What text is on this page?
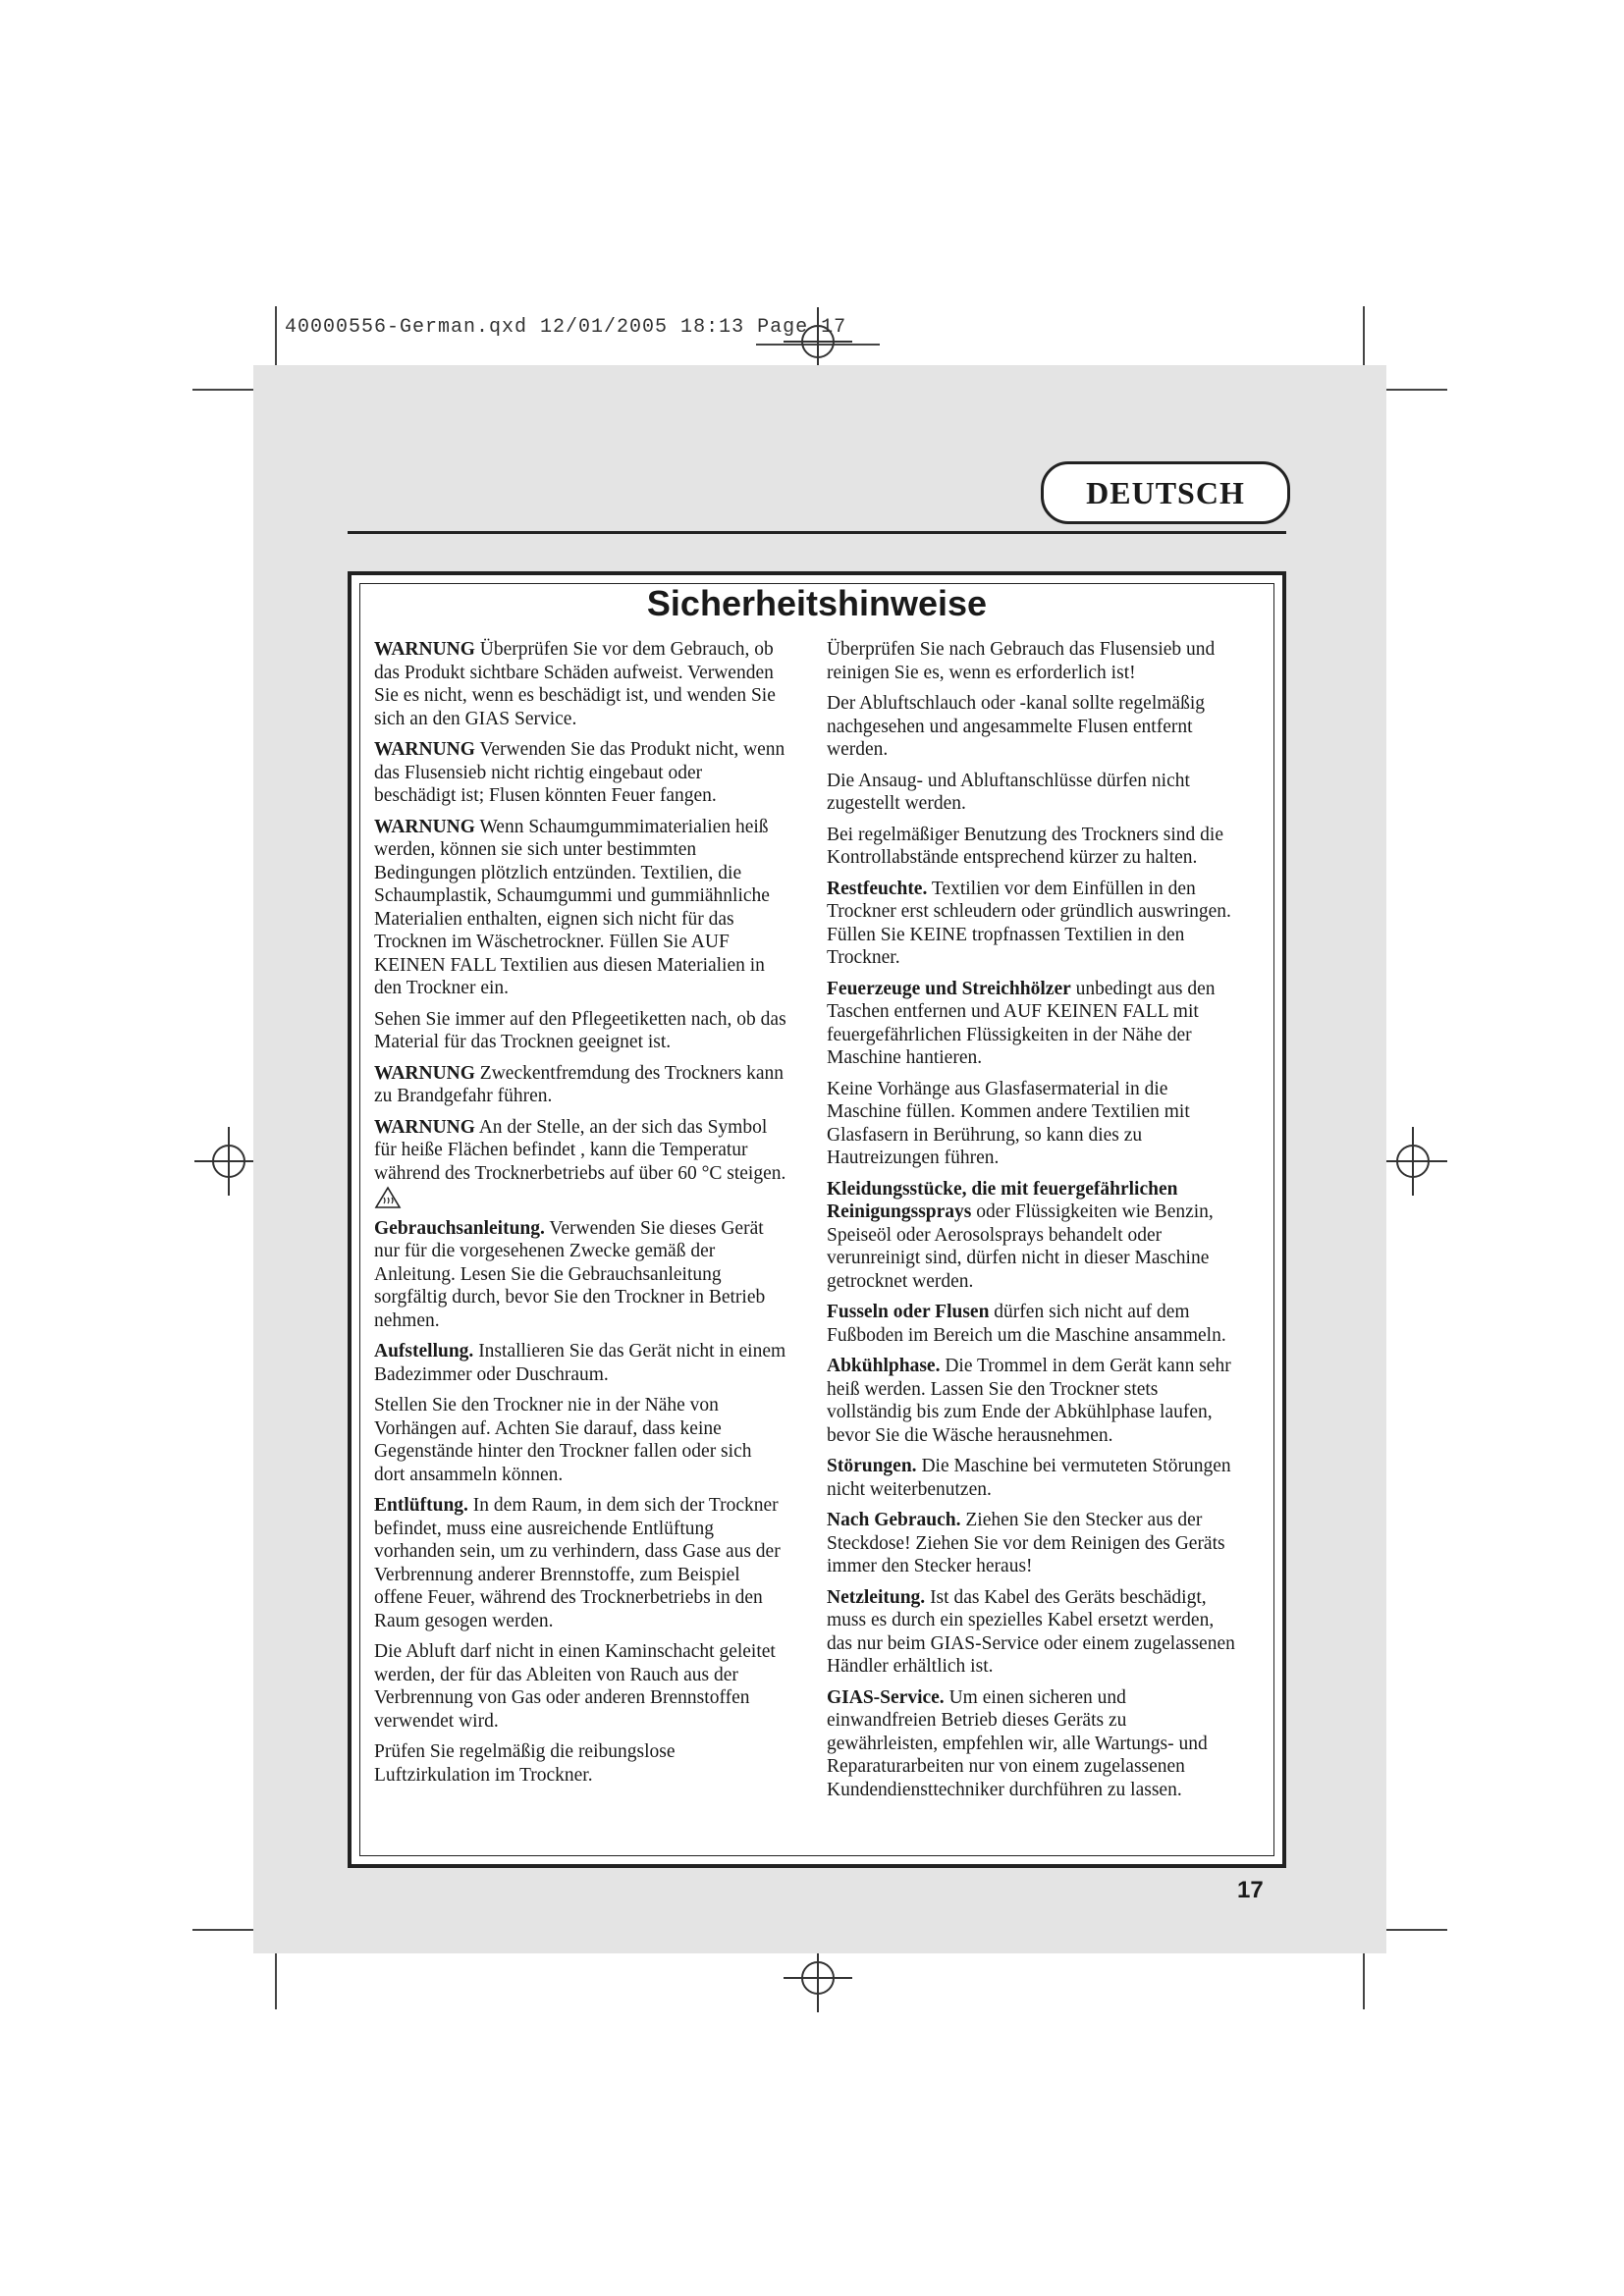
40000556-German.qxd 12/01/2005 18:13 Page 17
DEUTSCH
Sicherheitshinweise

WARNUNG Überprüfen Sie vor dem Gebrauch, ob das Produkt sichtbare Schäden aufweist. Verwenden Sie es nicht, wenn es beschädigt ist, und wenden Sie sich an den GIAS Service.

WARNUNG Verwenden Sie das Produkt nicht, wenn das Flusensieb nicht richtig eingebaut oder beschädigt ist; Flusen könnten Feuer fangen.

WARNUNG Wenn Schaumgummimaterialien heiß werden, können sie sich unter bestimmten Bedingungen plötzlich entzünden. Textilien, die Schaumplastik, Schaumgummi und gummiähnliche Materialien enthalten, eignen sich nicht für das Trocknen im Wäschetrockner. Füllen Sie AUF KEINEN FALL Textilien aus diesen Materialien in den Trockner ein.

Sehen Sie immer auf den Pflegeetiketten nach, ob das Material für das Trocknen geeignet ist.

WARNUNG Zweckentfremdung des Trockners kann zu Brandgefahr führen.

WARNUNG An der Stelle, an der sich das Symbol für heiße Flächen befindet , kann die Temperatur während des Trocknerbetriebs auf über 60 °C steigen.

Gebrauchsanleitung. Verwenden Sie dieses Gerät nur für die vorgesehenen Zwecke gemäß der Anleitung. Lesen Sie die Gebrauchsanleitung sorgfältig durch, bevor Sie den Trockner in Betrieb nehmen.

Aufstellung. Installieren Sie das Gerät nicht in einem Badezimmer oder Duschraum.

Stellen Sie den Trockner nie in der Nähe von Vorhängen auf. Achten Sie darauf, dass keine Gegenstände hinter den Trockner fallen oder sich dort ansammeln können.

Entlüftung. In dem Raum, in dem sich der Trockner befindet, muss eine ausreichende Entlüftung vorhanden sein, um zu verhindern, dass Gase aus der Verbrennung anderer Brennstoffe, zum Beispiel offene Feuer, während des Trocknerbetriebs in den Raum gesogen werden.

Die Abluft darf nicht in einen Kaminschacht geleitet werden, der für das Ableiten von Rauch aus der Verbrennung von Gas oder anderen Brennstoffen verwendet wird.

Prüfen Sie regelmäßig die reibungslose Luftzirkulation im Trockner.

Überprüfen Sie nach Gebrauch das Flusensieb und reinigen Sie es, wenn es erforderlich ist!

Der Abluftschlauch oder -kanal sollte regelmäßig nachgesehen und angesammelte Flusen entfernt werden.

Die Ansaug- und Abluftanschlüsse dürfen nicht zugestellt werden.

Bei regelmäßiger Benutzung des Trockners sind die Kontrollabstände entsprechend kürzer zu halten.

Restfeuchte. Textilien vor dem Einfüllen in den Trockner erst schleudern oder gründlich auswringen. Füllen Sie KEINE tropfnassen Textilien in den Trockner.

Feuerzeuge und Streichhölzer unbedingt aus den Taschen entfernen und AUF KEINEN FALL mit feuergefährlichen Flüssigkeiten in der Nähe der Maschine hantieren.

Keine Vorhänge aus Glasfasermaterial in die Maschine füllen. Kommen andere Textilien mit Glasfasern in Berührung, so kann dies zu Hautreizungen führen.

Kleidungsstücke, die mit feuergefährlichen Reinigungssprays oder Flüssigkeiten wie Benzin, Speiseöl oder Aerosolsprays behandelt oder verunreinigt sind, dürfen nicht in dieser Maschine getrocknet werden.

Fusseln oder Flusen dürfen sich nicht auf dem Fußboden im Bereich um die Maschine ansammeln.

Abkühlphase. Die Trommel in dem Gerät kann sehr heiß werden. Lassen Sie den Trockner stets vollständig bis zum Ende der Abkühlphase laufen, bevor Sie die Wäsche herausnehmen.

Störungen. Die Maschine bei vermuteten Störungen nicht weiterbenutzen.

Nach Gebrauch. Ziehen Sie den Stecker aus der Steckdose! Ziehen Sie vor dem Reinigen des Geräts immer den Stecker heraus!

Netzleitung. Ist das Kabel des Geräts beschädigt, muss es durch ein spezielles Kabel ersetzt werden, das nur beim GIAS-Service oder einem zugelassenen Händler erhältlich ist.

GIAS-Service. Um einen sicheren und einwandfreien Betrieb dieses Geräts zu gewährleisten, empfehlen wir, alle Wartungs- und Reparaturarbeiten nur von einem zugelassenen Kundendiensttechniker durchführen zu lassen.

17
